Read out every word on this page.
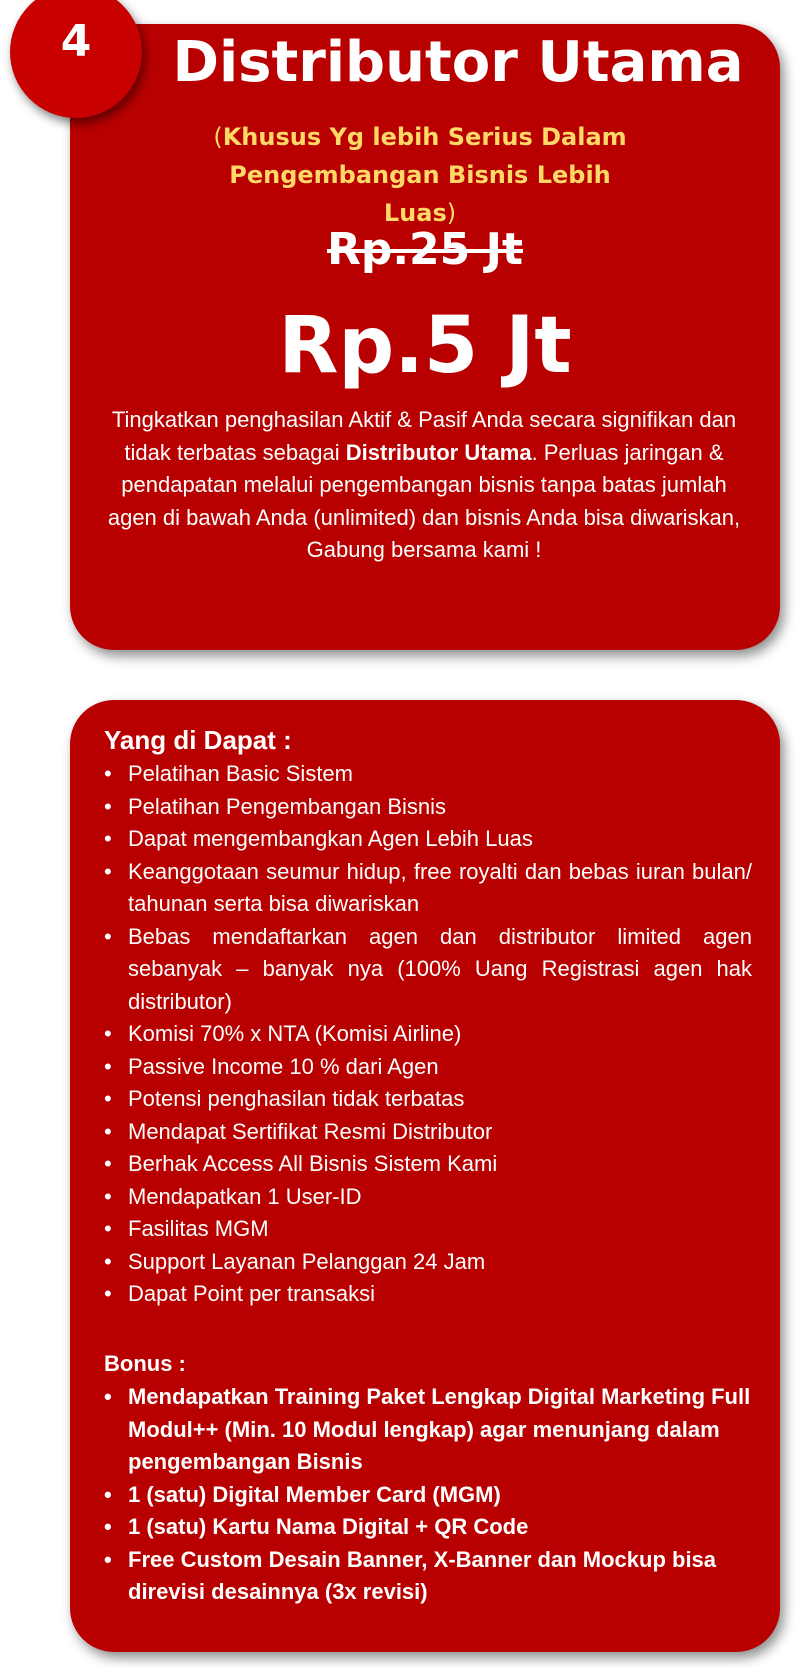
4	Distributor Utama
(Khusus Yg lebih Serius Dalam
Pengembangan Bisnis Lebih Luas)
Rp.25 Jt
Rp.5 Jt
Tingkatkan penghasilan Aktif & Pasif Anda secara signifikan dan tidak terbatas sebagai Distributor Utama. Perluas jaringan & pendapatan melalui pengembangan bisnis tanpa batas jumlah agen di bawah Anda (unlimited) dan bisnis Anda bisa diwariskan, Gabung bersama kami !
Yang di Dapat :
• Pelatihan Basic Sistem
• Pelatihan Pengembangan Bisnis
• Dapat mengembangkan Agen Lebih Luas
• Keanggotaan seumur hidup, free royalti dan bebas iuran bulan/ tahunan serta bisa diwariskan
• Bebas mendaftarkan agen dan distributor limited agen sebanyak – banyak nya (100% Uang Registrasi agen hak distributor)
• Komisi 70% x NTA (Komisi Airline)
• Passive Income 10 % dari Agen
• Potensi penghasilan tidak terbatas
• Mendapat Sertifikat Resmi Distributor
• Berhak Access All Bisnis Sistem Kami
• Mendapatkan 1 User-ID
• Fasilitas MGM
• Support Layanan Pelanggan 24 Jam
• Dapat Point per transaksi
Bonus :
• Mendapatkan Training Paket Lengkap Digital Marketing Full Modul++ (Min. 10 Modul lengkap) agar menunjang dalam pengembangan Bisnis
• 1 (satu) Digital Member Card (MGM)
• 1 (satu) Kartu Nama Digital + QR Code
• Free Custom Desain Banner, X-Banner dan Mockup bisa direvisi desainnya (3x revisi)
